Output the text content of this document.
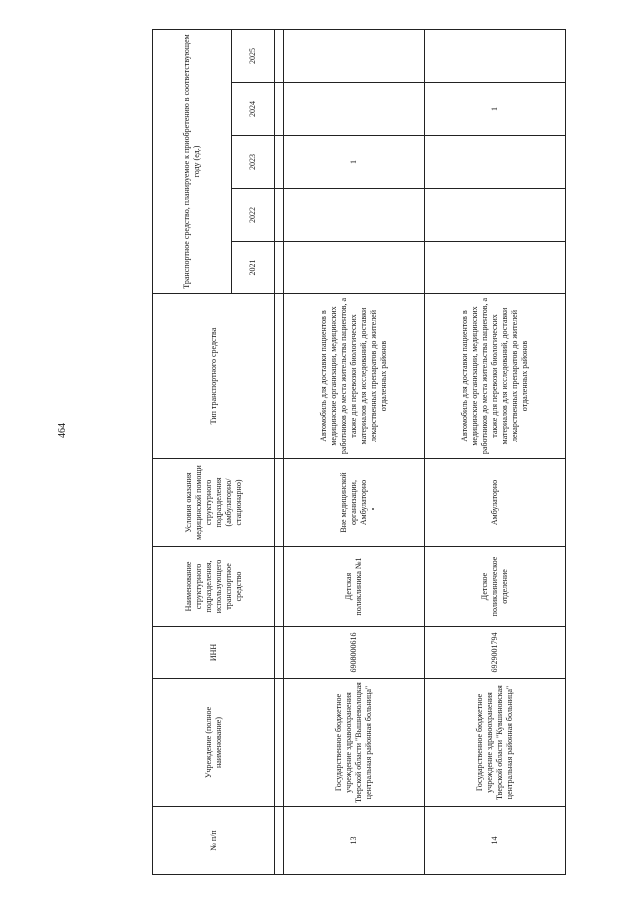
464
№ п/п	Учреждение (полное наименование)	ИНН	Наименование структурного подразделения, использующего транспортное средство	Условия оказания медицинской помощи структурного подразделения (амбулаторно/ стационарно)	Тип транспортного средства	Транспортное средство, планируемое к приобретению в соответствующем году (ед.)				
						2021	2022	2023	2024	2025

13	Государственное бюджетное учреждение здравоохранения Тверской области "Вышневолоцкая центральная районная больница"	6908000616	Детская поликлиника №1	Вне медицинской организации, Амбулаторно	Автомобиль для доставки пациентов в медицинские организации, медицинских работников до места жительства пациентов, а также для перевозки биологических материалов для исследований, доставки лекарственных препаратов до жителей отдаленных районов			1		
14	Государственное бюджетное учреждение здравоохранения Тверской области "Кувшиновская центральная районная больница"	6929001794	Детское поликлиническое отделение	Амбулаторно	Автомобиль для доставки пациентов в медицинские организации, медицинских работников до места жительства пациентов, а также для перевозки биологических материалов для исследований, доставки лекарственных препаратов до жителей отдаленных районов				1	
